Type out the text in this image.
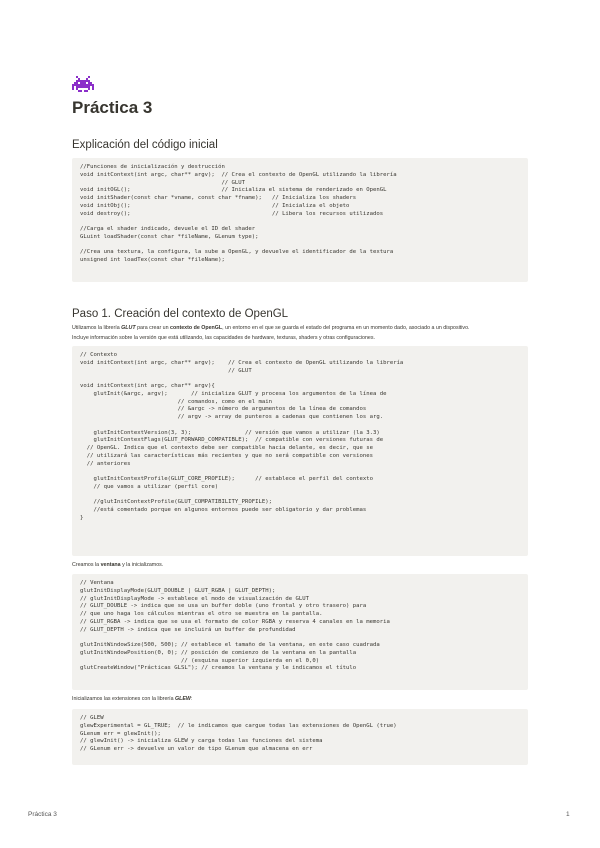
Práctica 3
Explicación del código inicial
//Funciones de inicialización y destrucción
void initContext(int argc, char** argv);  // Crea el contexto de OpenGL utilizando la librería
// GLUT
void initOGL();                           // Inicializa el sistema de renderizado en OpenGL
void initShader(const char *vname, const char *fname);   // Inicializa los shaders
void initObj();                                          // Inicializa el objeto
void destroy();                                          // Libera los recursos utilizados

//Carga el shader indicado, devuele el ID del shader
GLuint loadShader(const char *fileName, GLenum type);

//Crea una textura, la configura, la sube a OpenGL, y devuelve el identificador de la textura
unsigned int loadTex(const char *fileName);
Paso 1. Creación del contexto de OpenGL

Utilizamos la librería GLUT para crear un contexto de OpenGL, un entorno en el que se guarda el estado del programa en un momento dado, asociado a un dispositivo.
Incluye información sobre la versión que está utilizando, las capacidades de hardware, texturas, shaders y otras configuraciones.

// Contexto
void initContext(int argc, char** argv);    // Crea el contexto de OpenGL utilizando la librería
// GLUT

void initContext(int argc, char** argv){
glutInit(&argc, argv);       // inicializa GLUT y procesa los argumentos de la línea de
// comandos, como en el main
// &argc -> número de argumentos de la línea de comandos
// argv -> array de punteros a cadenas que contienen los arg.

glutInitContextVersion(3, 3);                // versión que vamos a utilizar (la 3.3)
glutInitContextFlags(GLUT_FORWARD_COMPATIBLE);  // compatible con versiones futuras de
// OpenGL. Indica que el contexto debe ser compatible hacia delante, es decir, que se
// utilizará las características más recientes y que no será compatible con versiones
// anteriores

glutInitContextProfile(GLUT_CORE_PROFILE);      // establece el perfil del contexto
// que vamos a utilizar (perfil core)

//glutInitContextProfile(GLUT_COMPATIBILITY_PROFILE);
//está comentado porque en algunos entornos puede ser obligatorio y dar problemas
}

Creamos la ventana y la inicializamos.

// Ventana
glutInitDisplayMode(GLUT_DOUBLE | GLUT_RGBA | GLUT_DEPTH);
// glutInitDisplayMode -> establece el modo de visualización de GLUT
// GLUT_DOUBLE -> indica que se usa un buffer doble (uno frontal y otro trasero) para
// que uno haga los cálculos mientras el otro se muestra en la pantalla.
// GLUT_RGBA -> indica que se usa el formato de color RGBA y reserva 4 canales en la memoria
// GLUT_DEPTH -> indica que se incluirá un buffer de profundidad

glutInitWindowSize(500, 500); // establece el tamaño de la ventana, en este caso cuadrada
glutInitWindowPosition(0, 0); // posición de comienzo de la ventana en la pantalla
// (esquina superior izquierda en el 0,0)
glutCreateWindow("Prácticas GLSL"); // creamos la ventana y le indicamos el título

Inicializamos las extensiones con la librería GLEW:

// GLEW
glewExperimental = GL_TRUE;  // le indicamos que cargue todas las extensiones de OpenGL (true)
GLenum err = glewInit();
// glewInit() -> inicializa GLEW y carga todas las funciones del sistema
// GLenum err -> devuelve un valor de tipo GLenum que almacena en err
Práctica 3	1
